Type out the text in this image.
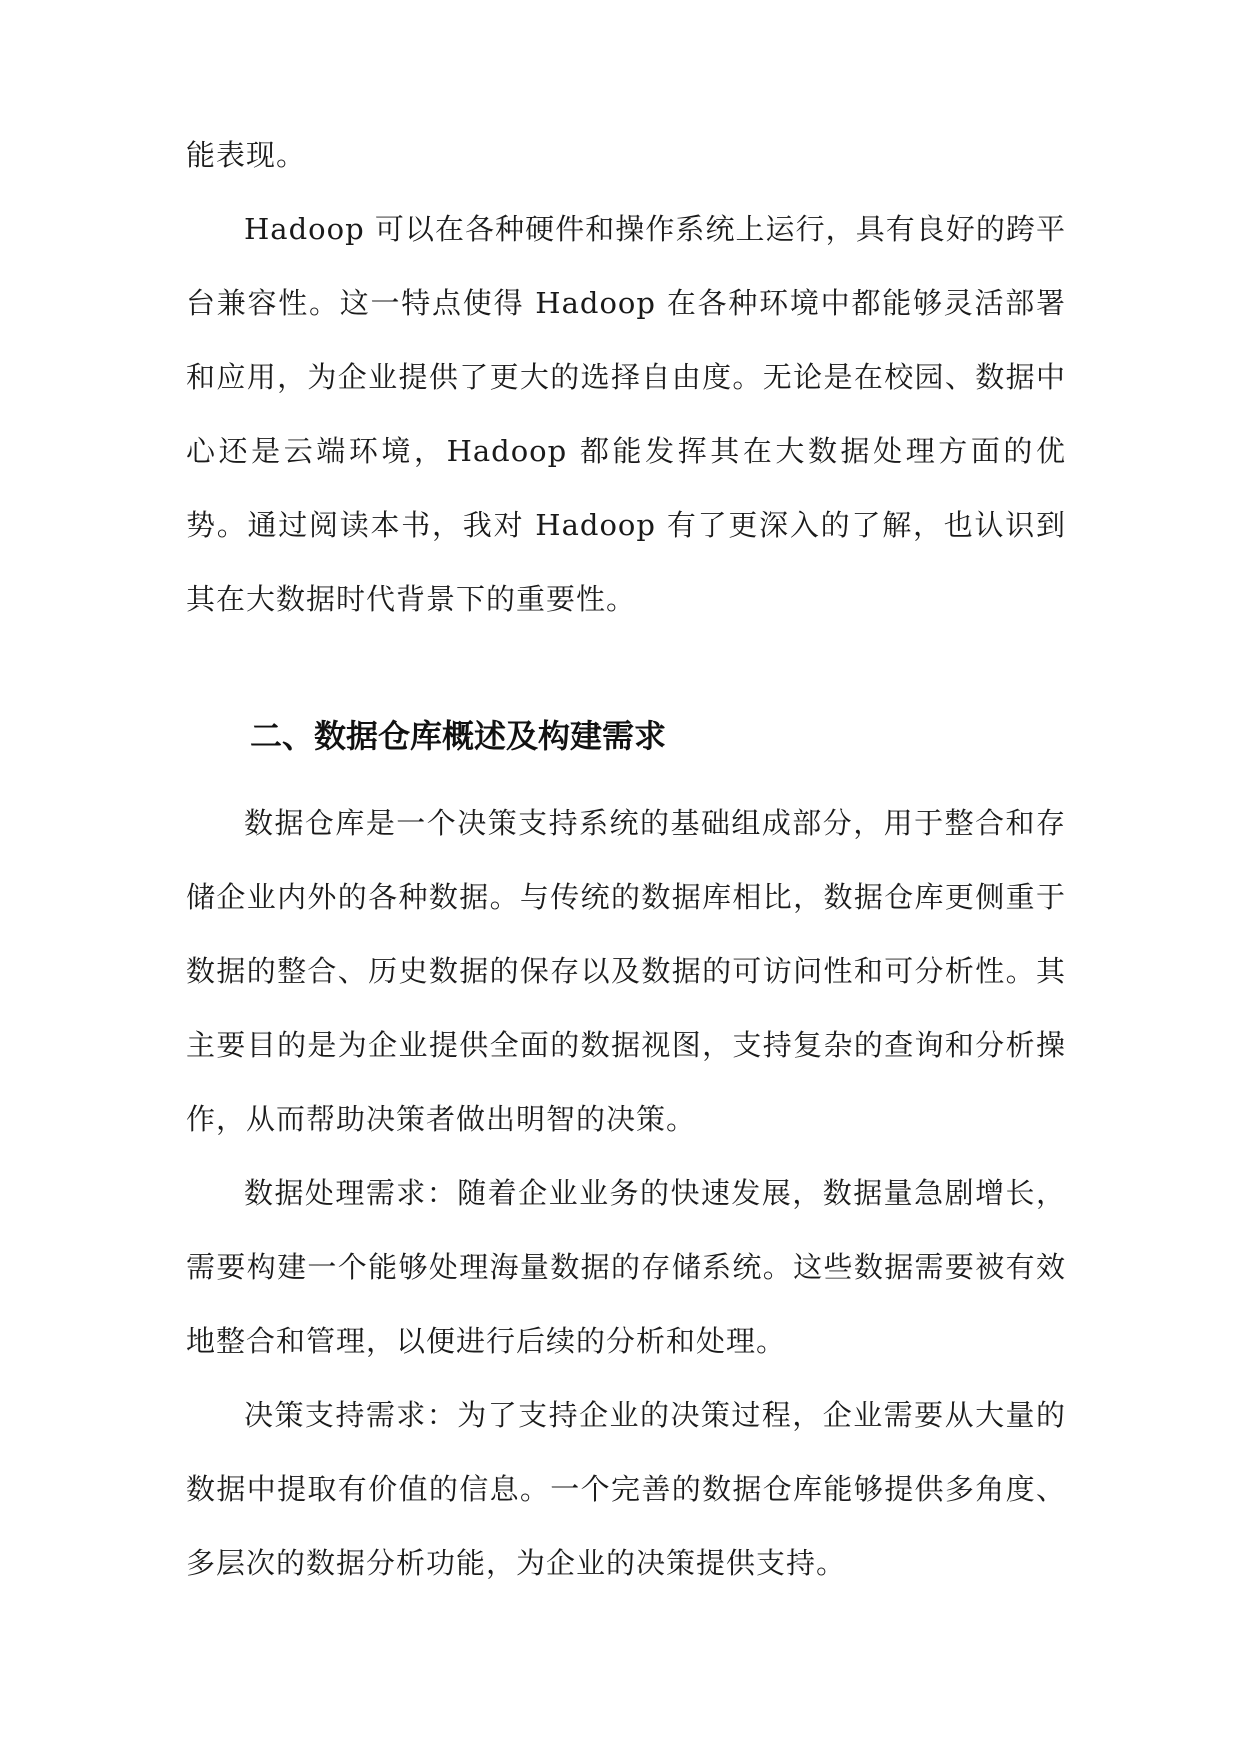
能表现。

Hadoop 可以在各种硬件和操作系统上运行，具有良好的跨平台兼容性。这一特点使得 Hadoop 在各种环境中都能够灵活部署和应用，为企业提供了更大的选择自由度。无论是在校园、数据中心还是云端环境，Hadoop 都能发挥其在大数据处理方面的优势。通过阅读本书，我对 Hadoop 有了更深入的了解，也认识到其在大数据时代背景下的重要性。

二、数据仓库概述及构建需求

数据仓库是一个决策支持系统的基础组成部分，用于整合和存储企业内外的各种数据。与传统的数据库相比，数据仓库更侧重于数据的整合、历史数据的保存以及数据的可访问性和可分析性。其主要目的是为企业提供全面的数据视图，支持复杂的查询和分析操作，从而帮助决策者做出明智的决策。

数据处理需求：随着企业业务的快速发展，数据量急剧增长，需要构建一个能够处理海量数据的存储系统。这些数据需要被有效地整合和管理，以便进行后续的分析和处理。

决策支持需求：为了支持企业的决策过程，企业需要从大量的数据中提取有价值的信息。一个完善的数据仓库能够提供多角度、多层次的数据分析功能，为企业的决策提供支持。
